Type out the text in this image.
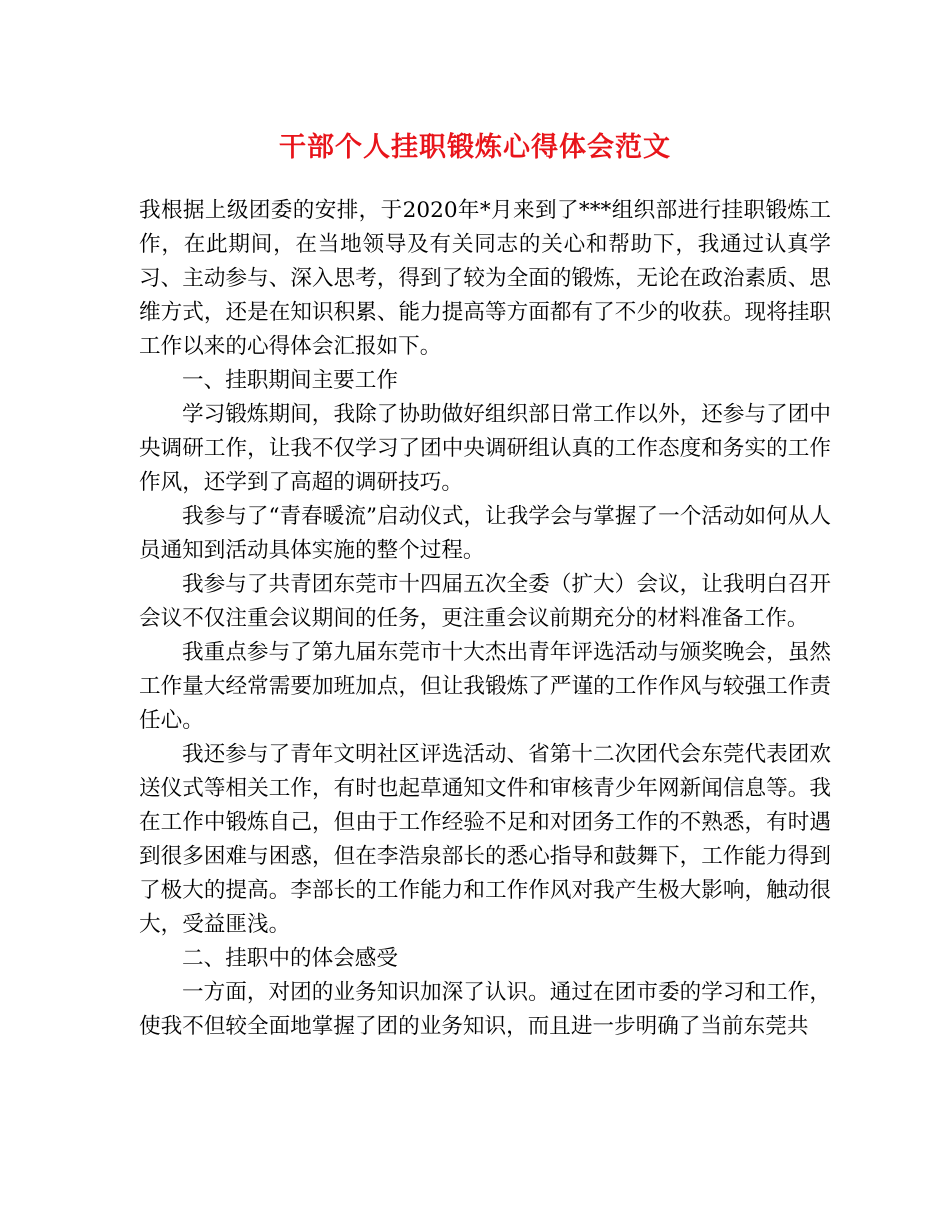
干部个人挂职锻炼心得体会范文

我根据上级团委的安排，于2020年*月来到了***组织部进行挂职锻炼工作，在此期间，在当地领导及有关同志的关心和帮助下，我通过认真学习、主动参与、深入思考，得到了较为全面的锻炼，无论在政治素质、思维方式，还是在知识积累、能力提高等方面都有了不少的收获。现将挂职工作以来的心得体会汇报如下。

一、挂职期间主要工作

学习锻炼期间，我除了协助做好组织部日常工作以外，还参与了团中央调研工作，让我不仅学习了团中央调研组认真的工作态度和务实的工作作风，还学到了高超的调研技巧。

我参与了“青春暖流”启动仪式，让我学会与掌握了一个活动如何从人员通知到活动具体实施的整个过程。

我参与了共青团东莞市十四届五次全委（扩大）会议，让我明白召开会议不仅注重会议期间的任务，更注重会议前期充分的材料准备工作。

我重点参与了第九届东莞市十大杰出青年评选活动与颁奖晚会，虽然工作量大经常需要加班加点，但让我锻炼了严谨的工作作风与较强工作责任心。

我还参与了青年文明社区评选活动、省第十二次团代会东莞代表团欢送仪式等相关工作，有时也起草通知文件和审核青少年网新闻信息等。我在工作中锻炼自己，但由于工作经验不足和对团务工作的不熟悉，有时遇到很多困难与困惑，但在李浩泉部长的悉心指导和鼓舞下，工作能力得到了极大的提高。李部长的工作能力和工作作风对我产生极大影响，触动很大，受益匪浅。

二、挂职中的体会感受

一方面，对团的业务知识加深了认识。通过在团市委的学习和工作，使我不但较全面地掌握了团的业务知识，而且进一步明确了当前东莞共
